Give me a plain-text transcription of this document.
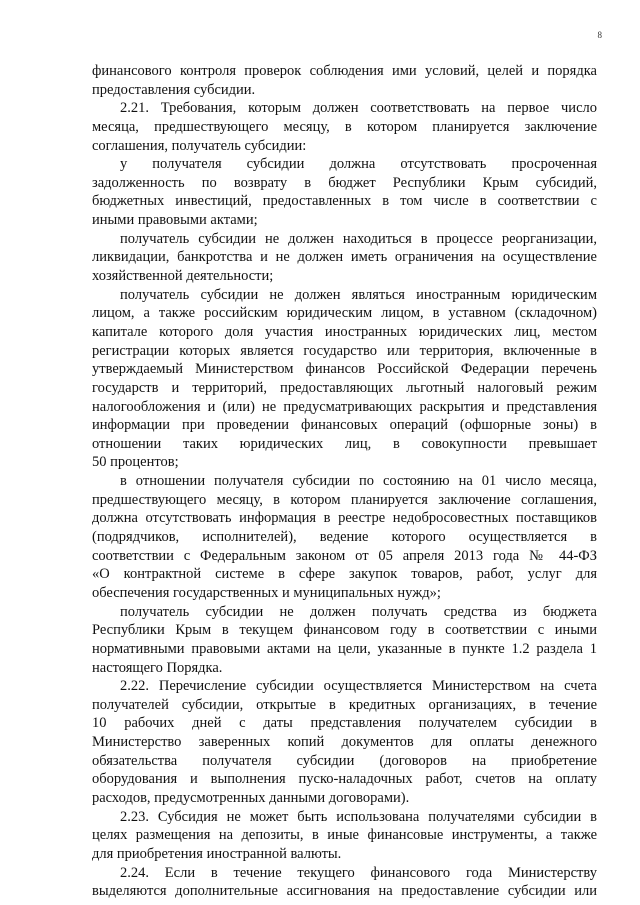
8
финансового контроля проверок соблюдения ими условий, целей и порядка
предоставления субсидии.
2.21. Требования, которым должен соответствовать на первое число
месяца, предшествующего месяцу, в котором планируется заключение
соглашения, получатель субсидии:
у получателя субсидии должна отсутствовать просроченная
задолженность по возврату в бюджет Республики Крым субсидий,
бюджетных инвестиций, предоставленных в том числе в соответствии с
иными правовыми актами;
получатель субсидии не должен находиться в процессе реорганизации,
ликвидации, банкротства и не должен иметь ограничения на осуществление
хозяйственной деятельности;
получатель субсидии не должен являться иностранным юридическим
лицом, а также российским юридическим лицом, в уставном (складочном)
капитале которого доля участия иностранных юридических лиц, местом
регистрации которых является государство или территория, включенные в
утверждаемый Министерством финансов Российской Федерации перечень
государств и территорий, предоставляющих льготный налоговый режим
налогообложения и (или) не предусматривающих раскрытия и представления
информации при проведении финансовых операций (офшорные зоны) в
отношении таких юридических лиц, в совокупности превышает
50 процентов;
в отношении получателя субсидии по состоянию на 01 число месяца,
предшествующего месяцу, в котором планируется заключение соглашения,
должна отсутствовать информация в реестре недобросовестных поставщиков
(подрядчиков, исполнителей), ведение которого осуществляется в
соответствии с Федеральным законом от 05 апреля 2013 года № 44-ФЗ
«О контрактной системе в сфере закупок товаров, работ, услуг для
обеспечения государственных и муниципальных нужд»;
получатель субсидии не должен получать средства из бюджета
Республики Крым в текущем финансовом году в соответствии с иными
нормативными правовыми актами на цели, указанные в пункте 1.2 раздела 1
настоящего Порядка.
2.22. Перечисление субсидии осуществляется Министерством на счета
получателей субсидии, открытые в кредитных организациях, в течение
10 рабочих дней с даты представления получателем субсидии в
Министерство заверенных копий документов для оплаты денежного
обязательства получателя субсидии (договоров на приобретение
оборудования и выполнения пуско-наладочных работ, счетов на оплату
расходов, предусмотренных данными договорами).
2.23. Субсидия не может быть использована получателями субсидии в
целях размещения на депозиты, в иные финансовые инструменты, а также
для приобретения иностранной валюты.
2.24. Если в течение текущего финансового года Министерству
выделяются дополнительные ассигнования на предоставление субсидии или
